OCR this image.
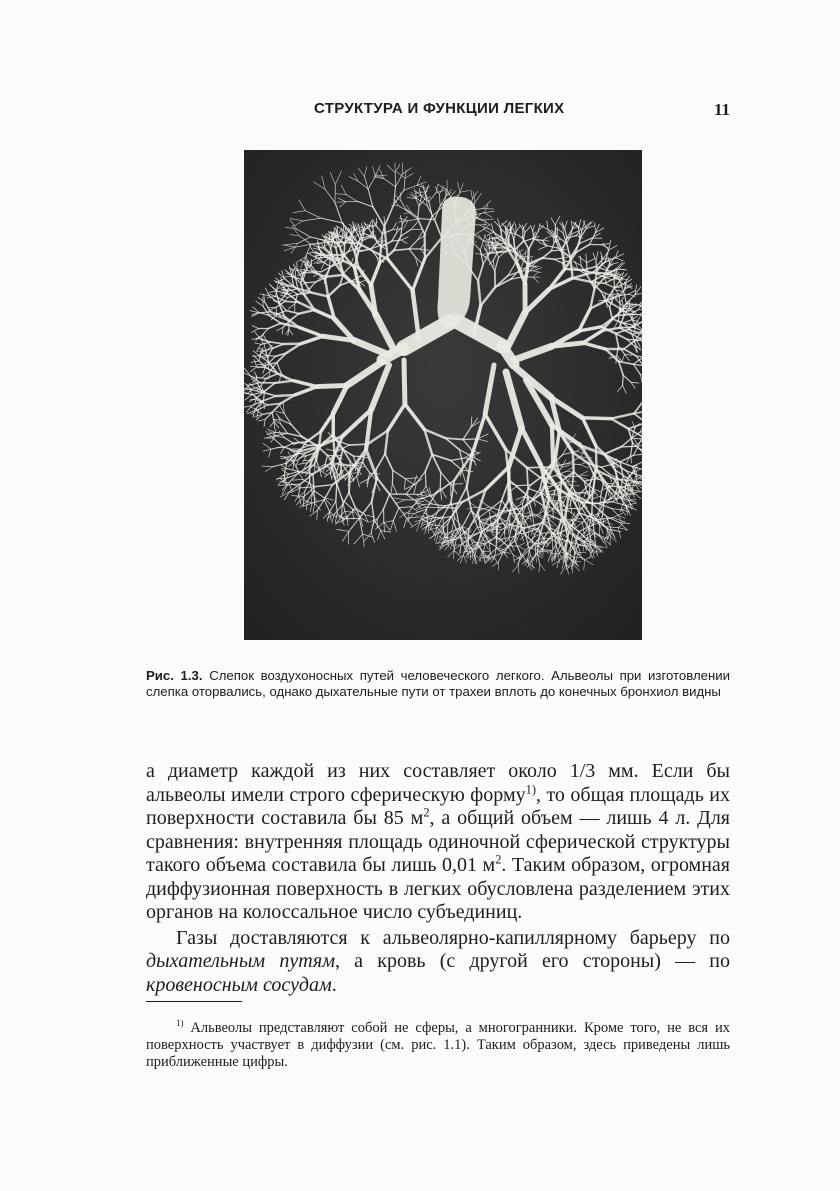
СТРУКТУРА И ФУНКЦИИ ЛЕГКИХ	11
Рис. 1.3. Слепок воздухоносных путей человеческого легкого. Альвеолы при изготовлении слепка оторвались, однако дыхательные пути от трахеи вплоть до конечных бронхиол видны

а диаметр каждой из них составляет около 1/3 мм. Если бы альвеолы имели строго сферическую форму$^{1)}$, то общая площадь их поверхности составила бы 85 $м^2$, а общий объем — лишь 4 л. Для сравнения: внутренняя площадь одиночной сферической структуры такого объема составила бы лишь 0,01 $м^2$. Таким образом, огромная диффузионная поверхность в легких обусловлена разделением этих органов на колоссальное число субъединиц.

Газы доставляются к альвеолярно-капиллярному барьеру по дыхательным путям, а кровь (с другой его стороны) — по кровеносным сосудам.

$^{1)}$ Альвеолы представляют собой не сферы, а многогранники. Кроме того, не вся их поверхность участвует в диффузии (см. рис. 1.1). Таким образом, здесь приведены лишь приближенные цифры.
